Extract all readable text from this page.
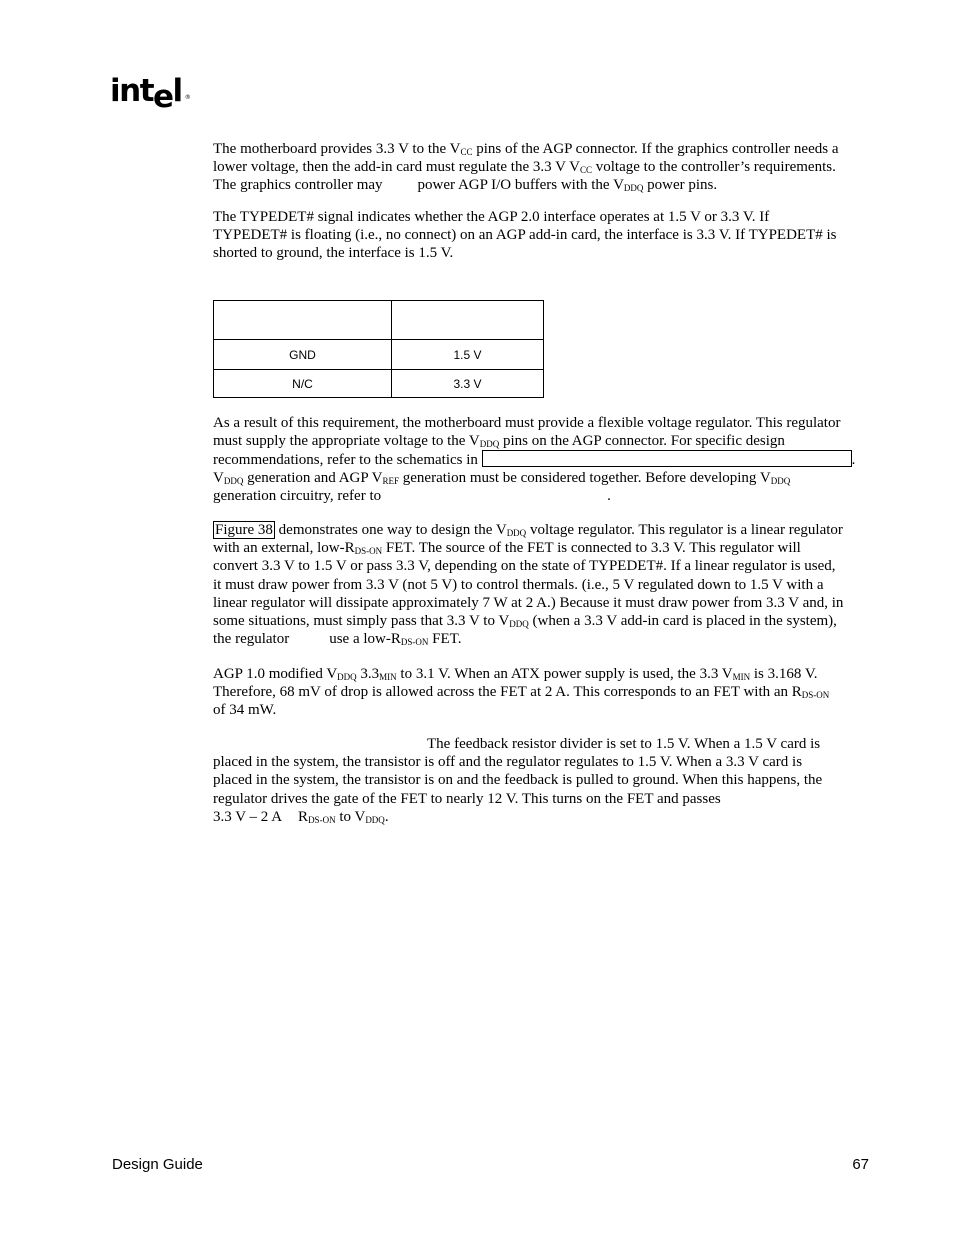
intel ®
The motherboard provides 3.3 V to the $V_{CC}$ pins of the AGP connector. If the graphics controller needs a
lower voltage, then the add-in card must regulate the 3.3 V $V_{CC}$ voltage to the controller’s requirements.
The graphics controller may power AGP I/O buffers with the $V_{DDQ}$ power pins.
The TYPEDET# signal indicates whether the AGP 2.0 interface operates at 1.5 V or 3.3 V. If
TYPEDET# is floating (i.e., no connect) on an AGP add-in card, the interface is 3.3 V. If TYPEDET# is
shorted to ground, the interface is 1.5 V.

GND	1.5 V
N/C	3.3 V
As a result of this requirement, the motherboard must provide a flexible voltage regulator. This regulator
must supply the appropriate voltage to the $V_{DDQ}$ pins on the AGP connector. For specific design
recommendations, refer to the schematics in	.
$V_{DDQ}$ generation and AGP $V_{REF}$ generation must be considered together. Before developing $V_{DDQ}$
generation circuitry, refer to	.
Figure 38 demonstrates one way to design the $V_{DDQ}$ voltage regulator. This regulator is a linear regulator
with an external, low-$R_{DS-ON}$ FET. The source of the FET is connected to 3.3 V. This regulator will
convert 3.3 V to 1.5 V or pass 3.3 V, depending on the state of TYPEDET#. If a linear regulator is used,
it must draw power from 3.3 V (not 5 V) to control thermals. (i.e., 5 V regulated down to 1.5 V with a
linear regulator will dissipate approximately 7 W at 2 A.) Because it must draw power from 3.3 V and, in
some situations, must simply pass that 3.3 V to $V_{DDQ}$ (when a 3.3 V add-in card is placed in the system),
the regulator	use a low-$R_{DS-ON}$ FET.
AGP 1.0 modified $V_{DDQ}$ $3.3_{MIN}$ to 3.1 V. When an ATX power supply is used, the 3.3 $V_{MIN}$ is 3.168 V.
Therefore, 68 mV of drop is allowed across the FET at 2 A. This corresponds to an FET with an $R_{DS-ON}$
of 34 mW.
The feedback resistor divider is set to 1.5 V. When a 1.5 V card is
placed in the system, the transistor is off and the regulator regulates to 1.5 V. When a 3.3 V card is
placed in the system, the transistor is on and the feedback is pulled to ground. When this happens, the
regulator drives the gate of the FET to nearly 12 V. This turns on the FET and passes
3.3 V – 2 A $R_{DS-ON}$ to $V_{DDQ}$.
Design Guide	67
